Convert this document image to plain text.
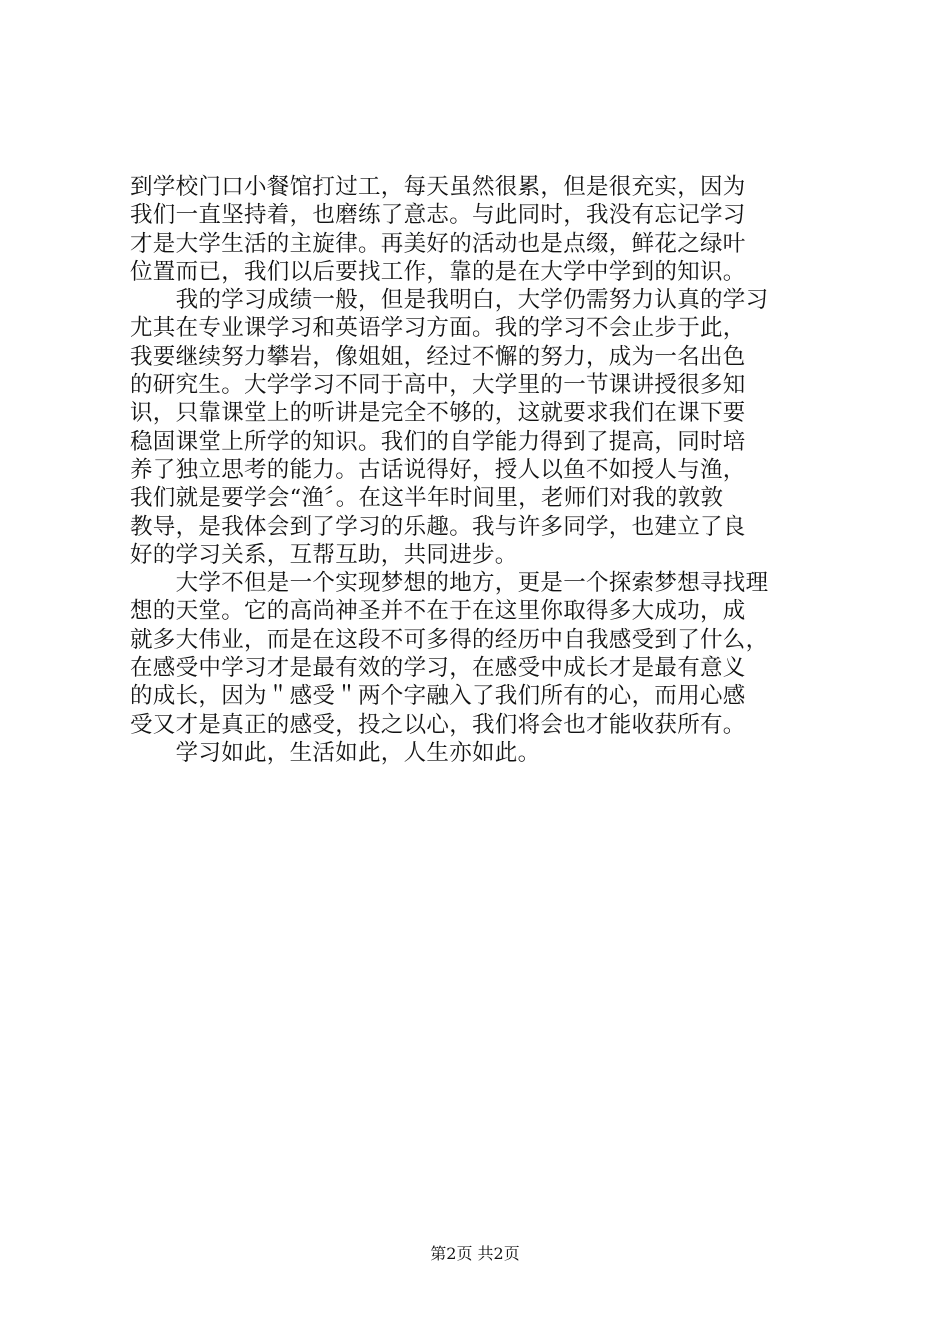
到学校门口小餐馆打过工，每天虽然很累，但是很充实，因为
我们一直坚持着，也磨练了意志。与此同时，我没有忘记学习
才是大学生活的主旋律。再美好的活动也是点缀，鲜花之绿叶
位置而已，我们以后要找工作，靠的是在大学中学到的知识。
　　我的学习成绩一般，但是我明白，大学仍需努力认真的学习
尤其在专业课学习和英语学习方面。我的学习不会止步于此，
我要继续努力攀岩，像姐姐，经过不懈的努力，成为一名出色
的研究生。大学学习不同于高中，大学里的一节课讲授很多知
识，只靠课堂上的听讲是完全不够的，这就要求我们在课下要
稳固课堂上所学的知识。我们的自学能力得到了提高，同时培
养了独立思考的能力。古话说得好，授人以鱼不如授人与渔，
我们就是要学会“渔〞。在这半年时间里，老师们对我的敦敦
教导，是我体会到了学习的乐趣。我与许多同学，也建立了良
好的学习关系，互帮互助，共同进步。
　　大学不但是一个实现梦想的地方，更是一个探索梦想寻找理
想的天堂。它的高尚神圣并不在于在这里你取得多大成功，成
就多大伟业，而是在这段不可多得的经历中自我感受到了什么，
在感受中学习才是最有效的学习，在感受中成长才是最有意义
的成长，因为＂感受＂两个字融入了我们所有的心，而用心感
受又才是真正的感受，投之以心，我们将会也才能收获所有。
　　学习如此，生活如此，人生亦如此。
第2页 共2页
